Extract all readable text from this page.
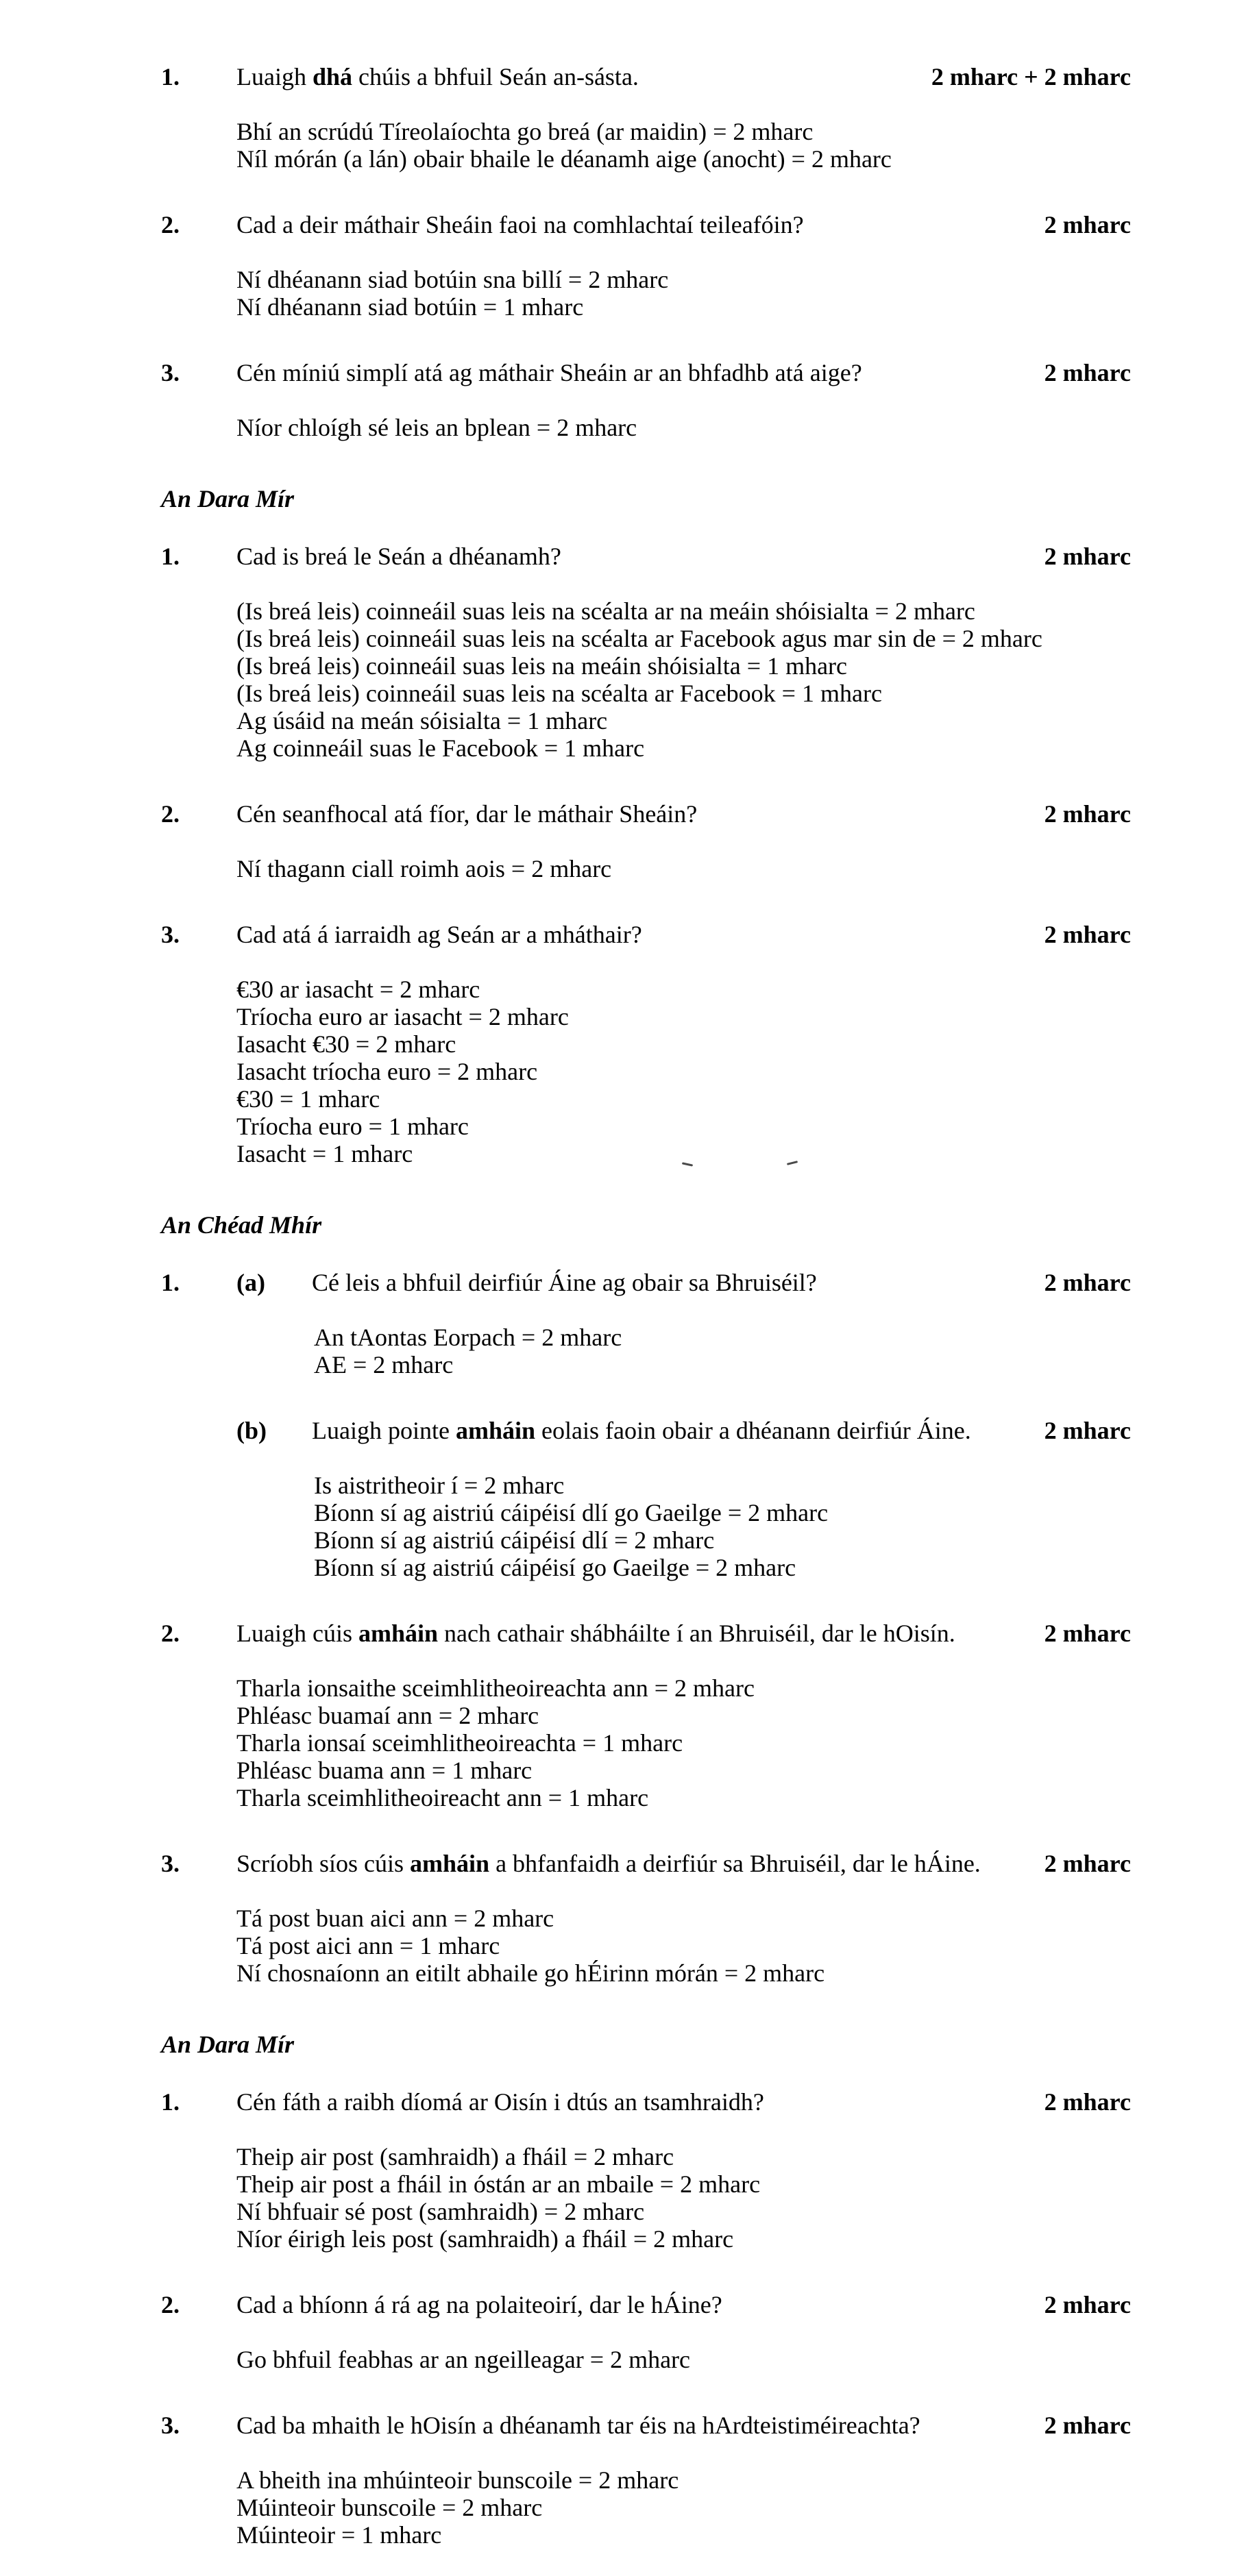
1.	Luaigh dhá chúis a bhfuil Seán an-sásta.	2 mharc + 2 mharc
Bhí an scrúdú Tíreolaíochta go breá (ar maidin) = 2 mharc
Níl mórán (a lán) obair bhaile le déanamh aige (anocht) = 2 mharc
2.	Cad a deir máthair Sheáin faoi na comhlachtaí teileafóin?	2 mharc
Ní dhéanann siad botúin sna billí = 2 mharc
Ní dhéanann siad botúin = 1 mharc
3.	Cén míniú simplí atá ag máthair Sheáin ar an bhfadhb atá aige?	2 mharc
Níor chloígh sé leis an bplean = 2 mharc
An Dara Mír
1.	Cad is breá le Seán a dhéanamh?	2 mharc
(Is breá leis) coinneáil suas leis na scéalta ar na meáin shóisialta = 2 mharc
(Is breá leis) coinneáil suas leis na scéalta ar Facebook agus mar sin de = 2 mharc
(Is breá leis) coinneáil suas leis na meáin shóisialta = 1 mharc
(Is breá leis) coinneáil suas leis na scéalta ar Facebook = 1 mharc
Ag úsáid na meán sóisialta = 1 mharc
Ag coinneáil suas le Facebook = 1 mharc
2.	Cén seanfhocal atá fíor, dar le máthair Sheáin?	2 mharc
Ní thagann ciall roimh aois = 2 mharc
3.	Cad atá á iarraidh ag Seán ar a mháthair?	2 mharc
€30 ar iasacht = 2 mharc
Tríocha euro ar iasacht = 2 mharc
Iasacht €30 = 2 mharc
Iasacht tríocha euro = 2 mharc
€30 = 1 mharc
Tríocha euro = 1 mharc
Iasacht = 1 mharc
An Chéad Mhír
1.	(a)	Cé leis a bhfuil deirfiúr Áine ag obair sa Bhruiséil?	2 mharc
An tAontas Eorpach = 2 mharc
AE = 2 mharc
(b)	Luaigh pointe amháin eolais faoin obair a dhéanann deirfiúr Áine.	2 mharc
Is aistritheoir í = 2 mharc
Bíonn sí ag aistriú cáipéisí dlí go Gaeilge = 2 mharc
Bíonn sí ag aistriú cáipéisí dlí = 2 mharc
Bíonn sí ag aistriú cáipéisí go Gaeilge = 2 mharc
2.	Luaigh cúis amháin nach cathair shábháilte í an Bhruiséil, dar le hOisín.	2 mharc
Tharla ionsaithe sceimhlitheoireachta ann = 2 mharc
Phléasc buamaí ann = 2 mharc
Tharla ionsaí sceimhlitheoireachta = 1 mharc
Phléasc buama ann = 1 mharc
Tharla sceimhlitheoireacht ann = 1 mharc
3.	Scríobh síos cúis amháin a bhfanfaidh a deirfiúr sa Bhruiséil, dar le hÁine.	2 mharc
Tá post buan aici ann = 2 mharc
Tá post aici ann = 1 mharc
Ní chosnaíonn an eitilt abhaile go hÉirinn mórán = 2 mharc
An Dara Mír
1.	Cén fáth a raibh díomá ar Oisín i dtús an tsamhraidh?	2 mharc
Theip air post (samhraidh) a fháil = 2 mharc
Theip air post a fháil in óstán ar an mbaile = 2 mharc
Ní bhfuair sé post (samhraidh) = 2 mharc
Níor éirigh leis post (samhraidh) a fháil = 2 mharc
2.	Cad a bhíonn á rá ag na polaiteoirí, dar le hÁine?	2 mharc
Go bhfuil feabhas ar an ngeilleagar = 2 mharc
3.	Cad ba mhaith le hOisín a dhéanamh tar éis na hArdteistiméireachta?	2 mharc
A bheith ina mhúinteoir bunscoile = 2 mharc
Múinteoir bunscoile = 2 mharc
Múinteoir = 1 mharc
